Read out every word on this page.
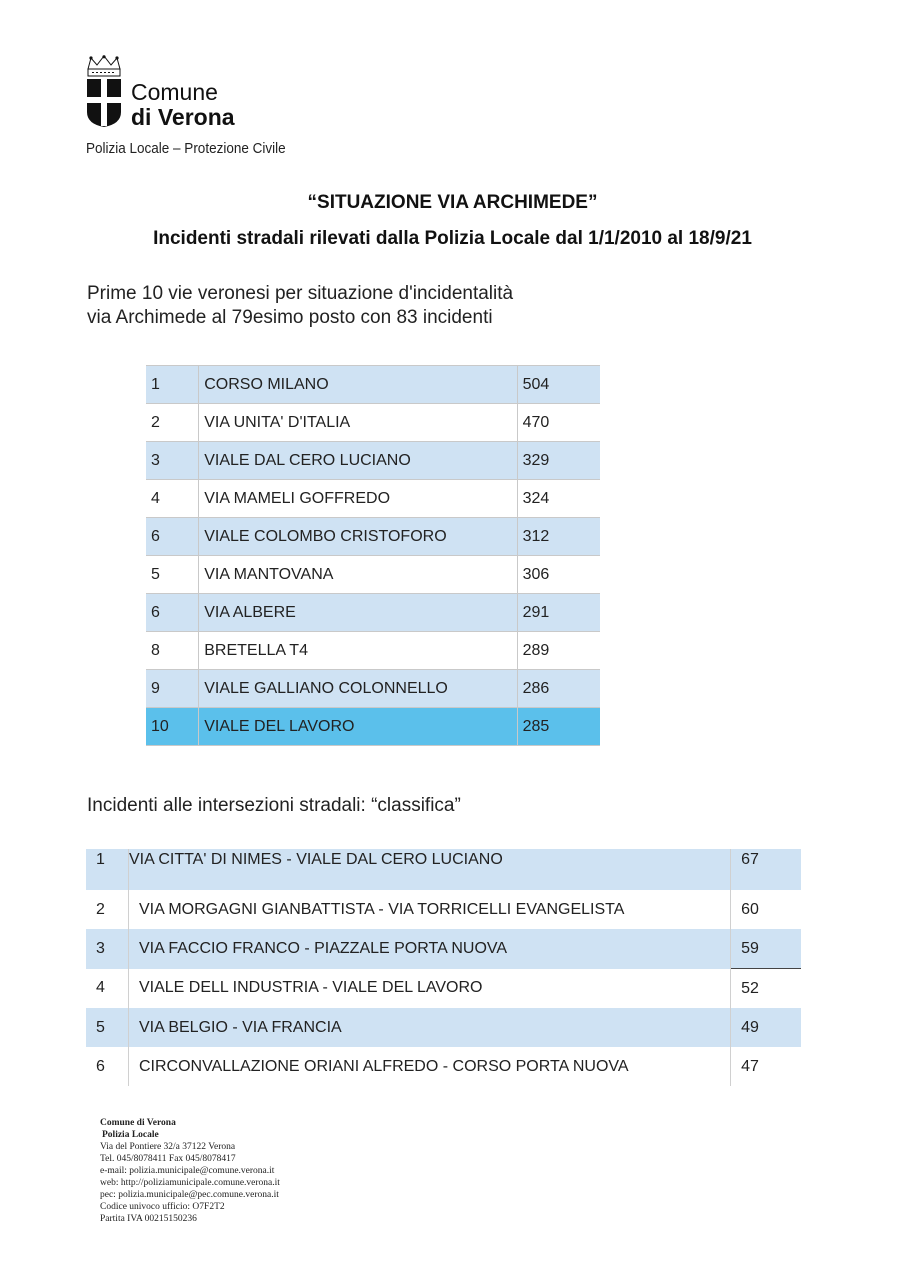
Comune
di Verona
Polizia Locale – Protezione Civile
“SITUAZIONE VIA ARCHIMEDE”
Incidenti stradali rilevati dalla Polizia Locale dal 1/1/2010 al 18/9/21
Prime 10 vie veronesi per situazione d'incidentalità
via Archimede al 79esimo posto con 83 incidenti
1	CORSO MILANO	504
2	VIA UNITA' D'ITALIA	470
3	VIALE DAL CERO LUCIANO	329
4	VIA MAMELI GOFFREDO	324
6	VIALE COLOMBO CRISTOFORO	312
5	VIA MANTOVANA	306
6	VIA ALBERE	291
8	BRETELLA T4	289
9	VIALE GALLIANO COLONNELLO	286
10	VIALE DEL LAVORO	285
Incidenti alle intersezioni stradali: “classifica”
1	VIA CITTA' DI NIMES - VIALE DAL CERO LUCIANO	67
2	VIA MORGAGNI GIANBATTISTA - VIA TORRICELLI EVANGELISTA	60
3	VIA FACCIO FRANCO - PIAZZALE PORTA NUOVA	59
4	VIALE DELL INDUSTRIA - VIALE DEL LAVORO	52
5	VIA BELGIO - VIA FRANCIA	49
6	CIRCONVALLAZIONE ORIANI ALFREDO - CORSO PORTA NUOVA	47
Comune di Verona
Polizia Locale
Via del Pontiere 32/a 37122 Verona
Tel. 045/8078411 Fax 045/8078417
e-mail: polizia.municipale@comune.verona.it
web: http://poliziamunicipale.comune.verona.it
pec: polizia.municipale@pec.comune.verona.it
Codice univoco ufficio: O7F2T2
Partita IVA 00215150236
